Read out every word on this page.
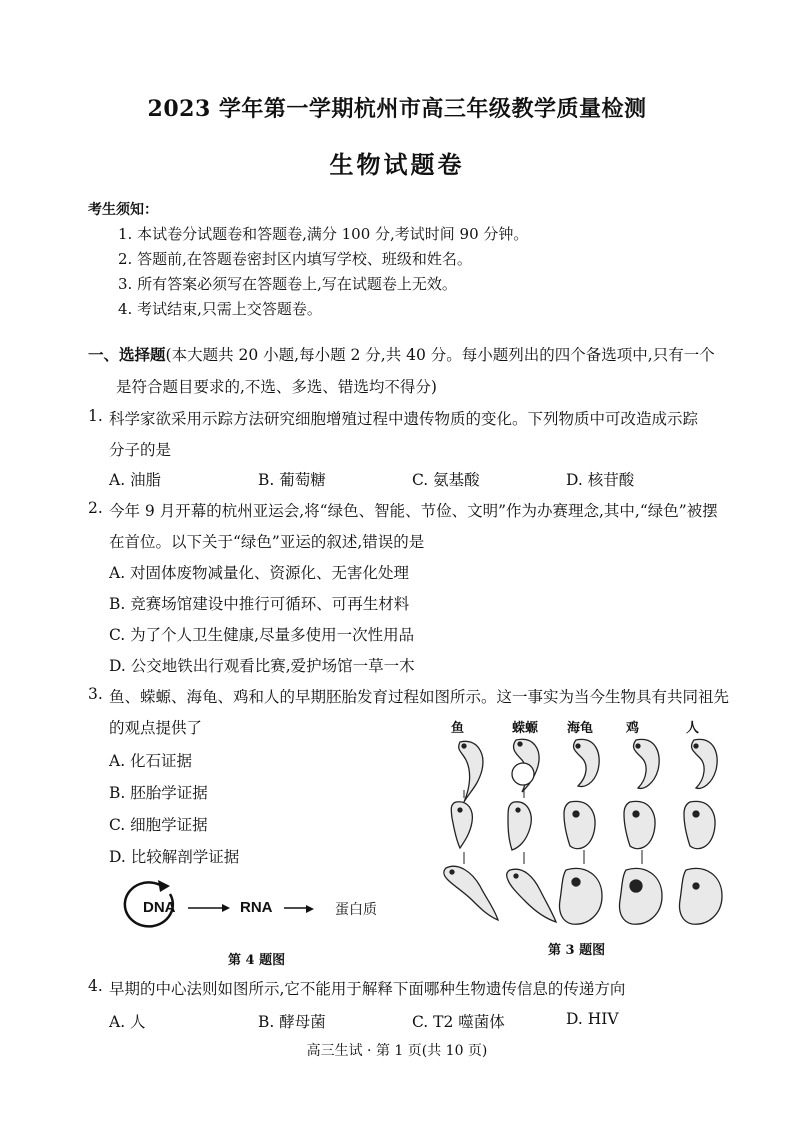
2023 学年第一学期杭州市高三年级教学质量检测
生物试题卷
考生须知：
1. 本试卷分试题卷和答题卷,满分 100 分,考试时间 90 分钟。
2. 答题前,在答题卷密封区内填写学校、班级和姓名。
3. 所有答案必须写在答题卷上,写在试题卷上无效。
4. 考试结束,只需上交答题卷。
一、选择题(本大题共 20 小题,每小题 2 分,共 40 分。每小题列出的四个备选项中,只有一个
是符合题目要求的,不选、多选、错选均不得分)
1. 科学家欲采用示踪方法研究细胞增殖过程中遗传物质的变化。下列物质中可改造成示踪
分子的是
A. 油脂	B. 葡萄糖	C. 氨基酸	D. 核苷酸
2. 今年 9 月开幕的杭州亚运会,将“绿色、智能、节俭、文明”作为办赛理念,其中,“绿色”被摆
在首位。以下关于“绿色”亚运的叙述,错误的是
A. 对固体废物减量化、资源化、无害化处理
B. 竞赛场馆建设中推行可循环、可再生材料
C. 为了个人卫生健康,尽量多使用一次性用品
D. 公交地铁出行观看比赛,爱护场馆一草一木
3. 鱼、蝾螈、海龟、鸡和人的早期胚胎发育过程如图所示。这一事实为当今生物具有共同祖先
的观点提供了
A. 化石证据
B. 胚胎学证据
C. 细胞学证据
D. 比较解剖学证据
鱼	蝾螈 海龟	鸡	人
第 3 题图
DNA	RNA	蛋白质
第 4 题图
4. 早期的中心法则如图所示,它不能用于解释下面哪种生物遗传信息的传递方向
A. 人	B. 酵母菌	C. T2 噬菌体	D. HIV
高三生试 · 第 1 页(共 10 页)
